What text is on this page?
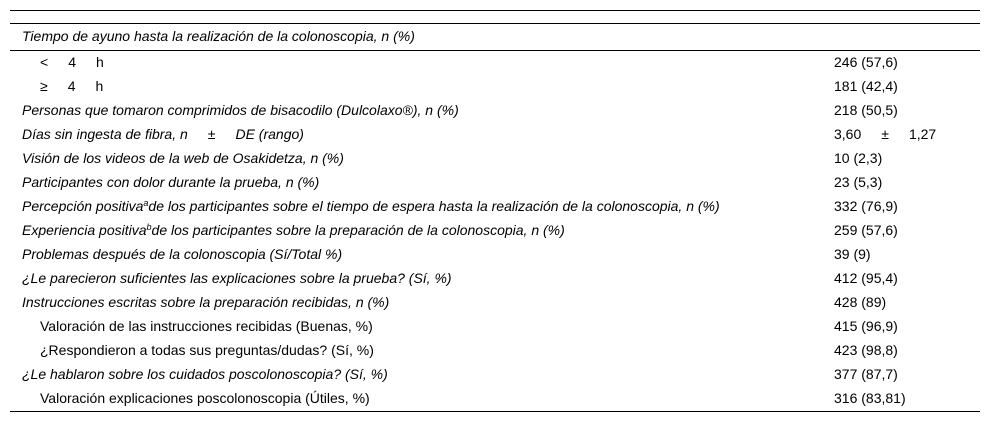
Tiempo de ayuno hasta la realización de la colonoscopia, n (%)	
< 4 h	246 (57,6)
≥ 4 h	181 (42,4)
Personas que tomaron comprimidos de bisacodilo (Dulcolaxo®), n (%)	218 (50,5)
Días sin ingesta de fibra, n ± DE (rango)	3,60 ± 1,27
Visión de los videos de la web de Osakidetza, n (%)	10 (2,3)
Participantes con dolor durante la prueba, n (%)	23 (5,3)
Percepción positiva$^a$de los participantes sobre el tiempo de espera hasta la realización de la colonoscopia, n (%)	332 (76,9)
Experiencia positiva$^b$de los participantes sobre la preparación de la colonoscopia, n (%)	259 (57,6)
Problemas después de la colonoscopia (Sí/Total %)	39 (9)
¿Le parecieron suficientes las explicaciones sobre la prueba? (Sí, %)	412 (95,4)
Instrucciones escritas sobre la preparación recibidas, n (%)	428 (89)
Valoración de las instrucciones recibidas (Buenas, %)	415 (96,9)
¿Respondieron a todas sus preguntas/dudas? (Sí, %)	423 (98,8)
¿Le hablaron sobre los cuidados poscolonoscopia? (Sí, %)	377 (87,7)
Valoración explicaciones poscolonoscopia (Útiles, %)	316 (83,81)
